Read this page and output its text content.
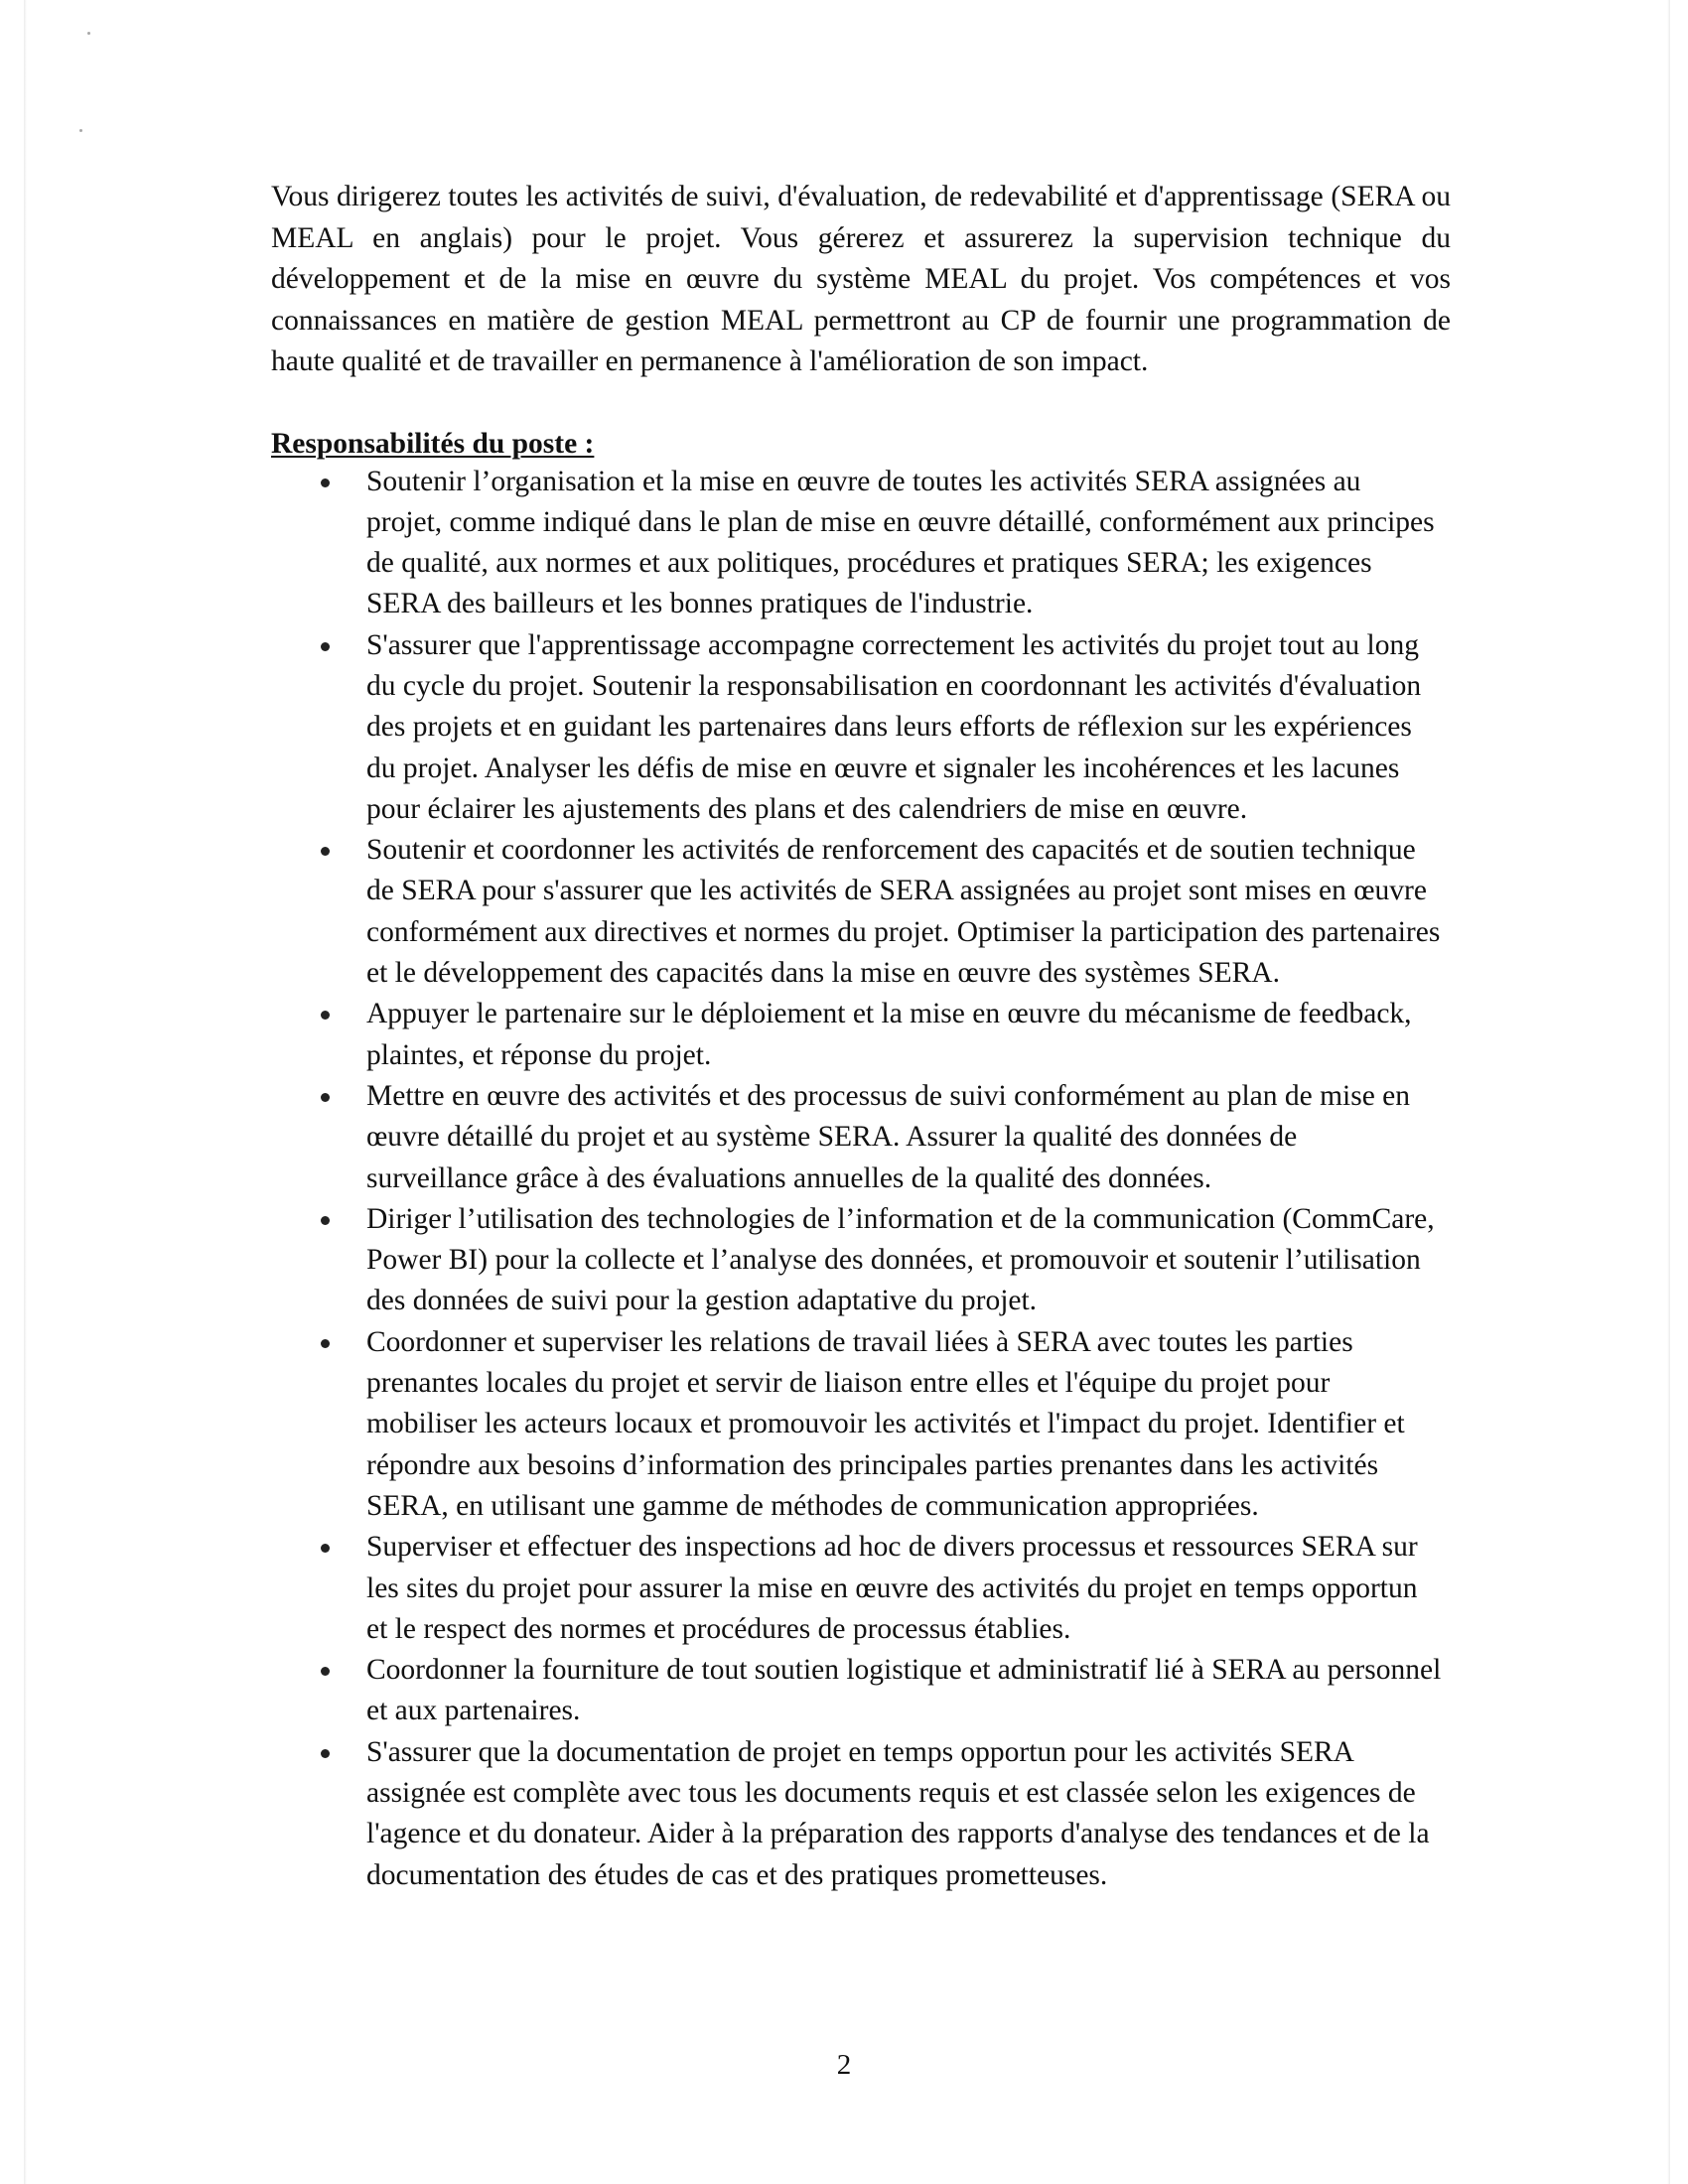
Vous dirigerez toutes les activités de suivi, d'évaluation, de redevabilité et d'apprentissage (SERA ou MEAL en anglais) pour le projet. Vous gérerez et assurerez la supervision technique du développement et de la mise en œuvre du système MEAL du projet. Vos compétences et vos connaissances en matière de gestion MEAL permettront au CP de fournir une programmation de haute qualité et de travailler en permanence à l'amélioration de son impact.

Responsabilités du poste :
Soutenir l’organisation et la mise en œuvre de toutes les activités SERA assignées au projet, comme indiqué dans le plan de mise en œuvre détaillé, conformément aux principes de qualité, aux normes et aux politiques, procédures et pratiques SERA; les exigences SERA des bailleurs et les bonnes pratiques de l'industrie.
S'assurer que l'apprentissage accompagne correctement les activités du projet tout au long du cycle du projet. Soutenir la responsabilisation en coordonnant les activités d'évaluation des projets et en guidant les partenaires dans leurs efforts de réflexion sur les expériences du projet. Analyser les défis de mise en œuvre et signaler les incohérences et les lacunes pour éclairer les ajustements des plans et des calendriers de mise en œuvre.
Soutenir et coordonner les activités de renforcement des capacités et de soutien technique de SERA pour s'assurer que les activités de SERA assignées au projet sont mises en œuvre conformément aux directives et normes du projet. Optimiser la participation des partenaires et le développement des capacités dans la mise en œuvre des systèmes SERA.
Appuyer le partenaire sur le déploiement et la mise en œuvre du mécanisme de feedback, plaintes, et réponse du projet.
Mettre en œuvre des activités et des processus de suivi conformément au plan de mise en œuvre détaillé du projet et au système SERA. Assurer la qualité des données de surveillance grâce à des évaluations annuelles de la qualité des données.
Diriger l’utilisation des technologies de l’information et de la communication (CommCare, Power BI) pour la collecte et l’analyse des données, et promouvoir et soutenir l’utilisation des données de suivi pour la gestion adaptative du projet.
Coordonner et superviser les relations de travail liées à SERA avec toutes les parties prenantes locales du projet et servir de liaison entre elles et l'équipe du projet pour mobiliser les acteurs locaux et promouvoir les activités et l'impact du projet. Identifier et répondre aux besoins d’information des principales parties prenantes dans les activités SERA, en utilisant une gamme de méthodes de communication appropriées.
Superviser et effectuer des inspections ad hoc de divers processus et ressources SERA sur les sites du projet pour assurer la mise en œuvre des activités du projet en temps opportun et le respect des normes et procédures de processus établies.
Coordonner la fourniture de tout soutien logistique et administratif lié à SERA au personnel et aux partenaires.
S'assurer que la documentation de projet en temps opportun pour les activités SERA assignée est complète avec tous les documents requis et est classée selon les exigences de l'agence et du donateur. Aider à la préparation des rapports d'analyse des tendances et de la documentation des études de cas et des pratiques prometteuses.
2
